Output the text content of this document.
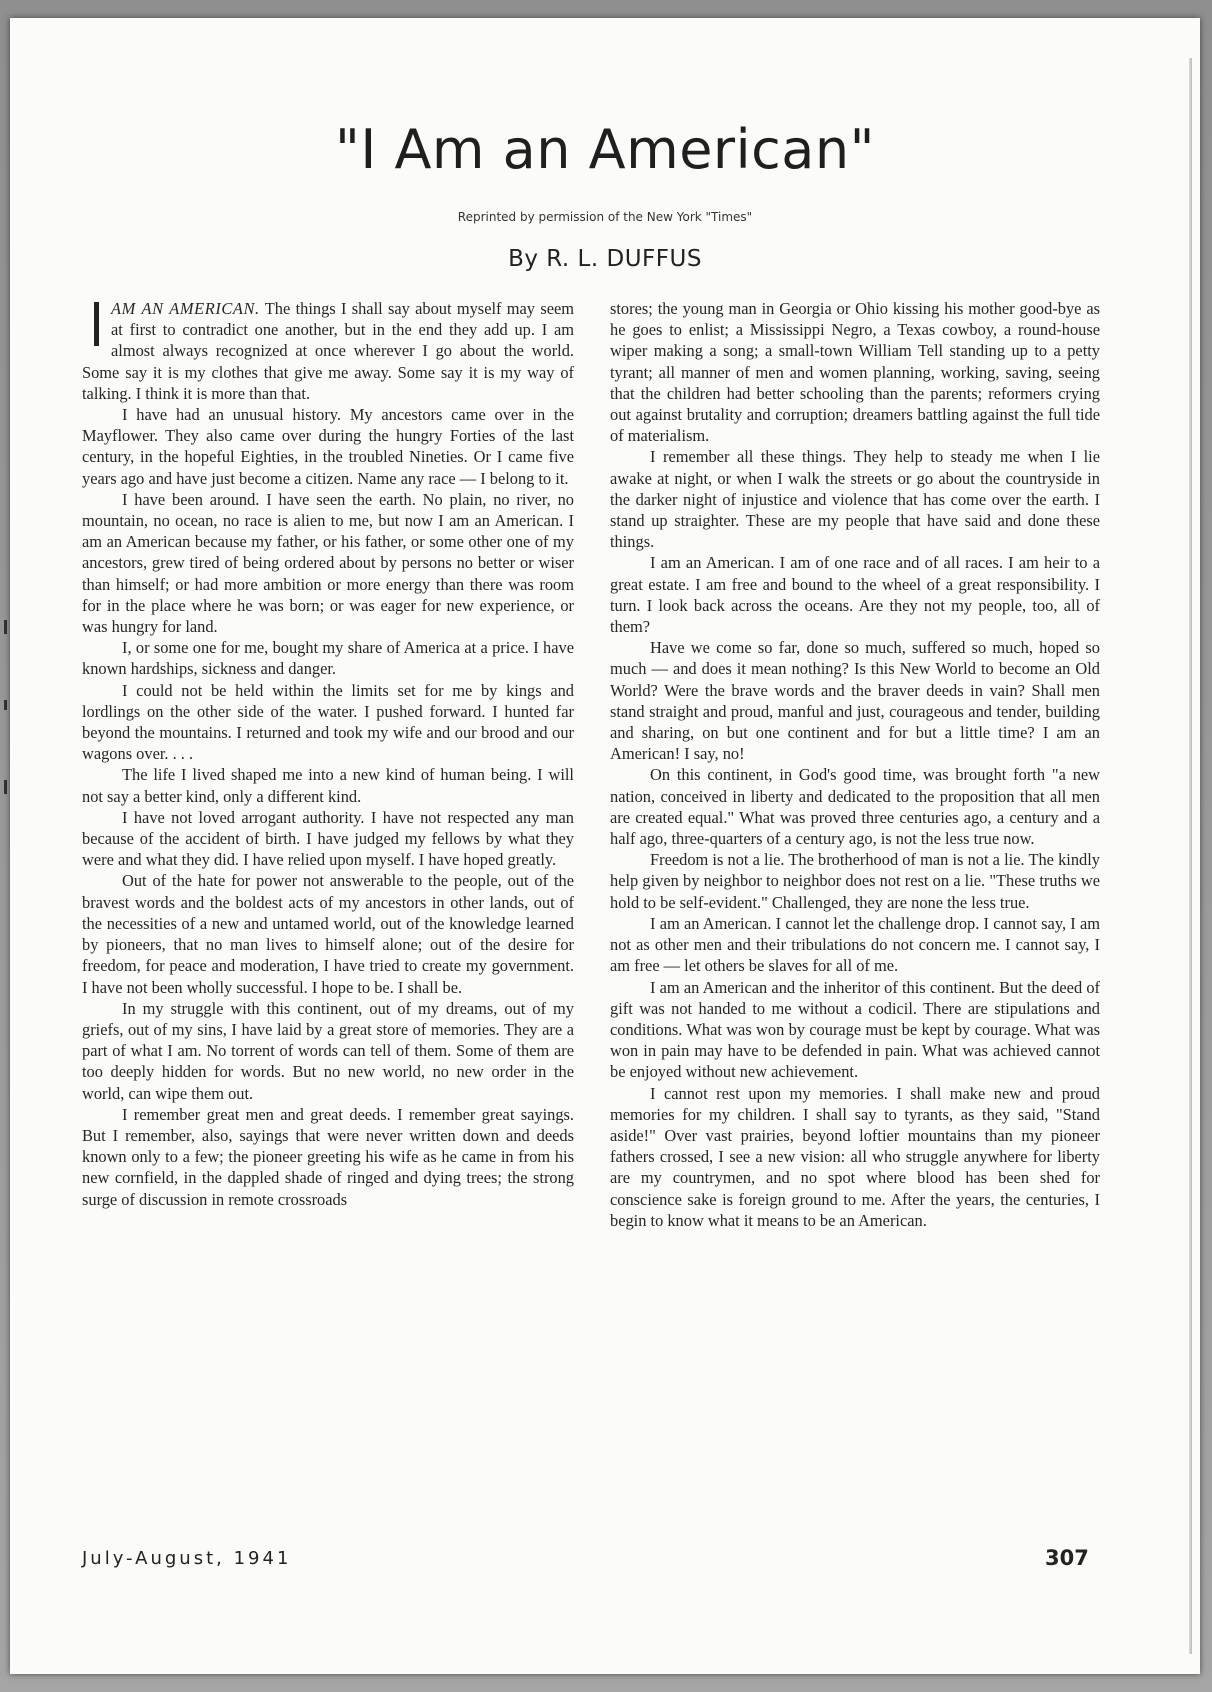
"I Am an American"
Reprinted by permission of the New York "Times"
By R. L. DUFFUS

AM AN AMERICAN. The things I shall say about myself may seem at first to contradict one another, but in the end they add up. I am almost always recognized at once wherever I go about the world. Some say it is my clothes that give me away. Some say it is my way of talking. I think it is more than that.

I have had an unusual history. My ancestors came over in the Mayflower. They also came over during the hungry Forties of the last century, in the hopeful Eighties, in the troubled Nineties. Or I came five years ago and have just become a citizen. Name any race — I belong to it.

I have been around. I have seen the earth. No plain, no river, no mountain, no ocean, no race is alien to me, but now I am an American. I am an American because my father, or his father, or some other one of my ancestors, grew tired of being ordered about by persons no better or wiser than himself; or had more ambition or more energy than there was room for in the place where he was born; or was eager for new experience, or was hungry for land.

I, or some one for me, bought my share of America at a price. I have known hardships, sickness and danger.

I could not be held within the limits set for me by kings and lordlings on the other side of the water. I pushed forward. I hunted far beyond the mountains. I returned and took my wife and our brood and our wagons over. . . .

The life I lived shaped me into a new kind of human being. I will not say a better kind, only a different kind.

I have not loved arrogant authority. I have not respected any man because of the accident of birth. I have judged my fellows by what they were and what they did. I have relied upon myself. I have hoped greatly.

Out of the hate for power not answerable to the people, out of the bravest words and the boldest acts of my ancestors in other lands, out of the necessities of a new and untamed world, out of the knowledge learned by pioneers, that no man lives to himself alone; out of the desire for freedom, for peace and moderation, I have tried to create my government. I have not been wholly successful. I hope to be. I shall be.

In my struggle with this continent, out of my dreams, out of my griefs, out of my sins, I have laid by a great store of memories. They are a part of what I am. No torrent of words can tell of them. Some of them are too deeply hidden for words. But no new world, no new order in the world, can wipe them out.

I remember great men and great deeds. I remember great sayings. But I remember, also, sayings that were never written down and deeds known only to a few; the pioneer greeting his wife as he came in from his new cornfield, in the dappled shade of ringed and dying trees; the strong surge of discussion in remote crossroads

stores; the young man in Georgia or Ohio kissing his mother good-bye as he goes to enlist; a Mississippi Negro, a Texas cowboy, a round-house wiper making a song; a small-town William Tell standing up to a petty tyrant; all manner of men and women planning, working, saving, seeing that the children had better schooling than the parents; reformers crying out against brutality and corruption; dreamers battling against the full tide of materialism.

I remember all these things. They help to steady me when I lie awake at night, or when I walk the streets or go about the countryside in the darker night of injustice and violence that has come over the earth. I stand up straighter. These are my people that have said and done these things.

I am an American. I am of one race and of all races. I am heir to a great estate. I am free and bound to the wheel of a great responsibility. I turn. I look back across the oceans. Are they not my people, too, all of them?

Have we come so far, done so much, suffered so much, hoped so much — and does it mean nothing? Is this New World to become an Old World? Were the brave words and the braver deeds in vain? Shall men stand straight and proud, manful and just, courageous and tender, building and sharing, on but one continent and for but a little time? I am an American! I say, no!

On this continent, in God's good time, was brought forth "a new nation, conceived in liberty and dedicated to the proposition that all men are created equal." What was proved three centuries ago, a century and a half ago, three-quarters of a century ago, is not the less true now.

Freedom is not a lie. The brotherhood of man is not a lie. The kindly help given by neighbor to neighbor does not rest on a lie. "These truths we hold to be self-evident." Challenged, they are none the less true.

I am an American. I cannot let the challenge drop. I cannot say, I am not as other men and their tribulations do not concern me. I cannot say, I am free — let others be slaves for all of me.

I am an American and the inheritor of this continent. But the deed of gift was not handed to me without a codicil. There are stipulations and conditions. What was won by courage must be kept by courage. What was won in pain may have to be defended in pain. What was achieved cannot be enjoyed without new achievement.

I cannot rest upon my memories. I shall make new and proud memories for my children. I shall say to tyrants, as they said, "Stand aside!" Over vast prairies, beyond loftier mountains than my pioneer fathers crossed, I see a new vision: all who struggle anywhere for liberty are my countrymen, and no spot where blood has been shed for conscience sake is foreign ground to me. After the years, the centuries, I begin to know what it means to be an American.

July-August, 1941	307
